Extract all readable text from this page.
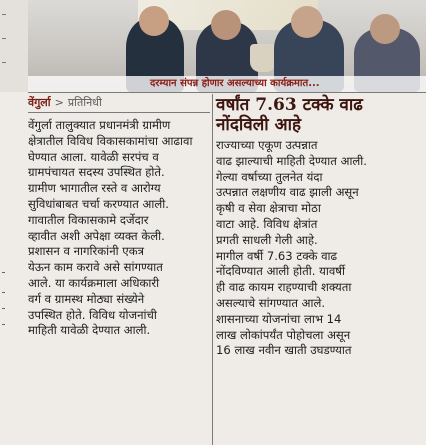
दरम्यान संपन्न होणार असल्याच्या कार्यक्रमात...
वेंगुर्ला > प्रतिनिधी	वर्षांत 7.63 टक्के वाढ नोंदविली आहे

वेंगुर्ला तालुक्यात प्रधानमंत्री ग्रामीण
क्षेत्रातील विविध विकासकामांचा आढावा
घेण्यात आला. यावेळी सरपंच व
ग्रामपंचायत सदस्य उपस्थित होते.
ग्रामीण भागातील रस्ते व आरोग्य
सुविधांबाबत चर्चा करण्यात आली.
गावातील विकासकामे दर्जेदार
व्हावीत अशी अपेक्षा व्यक्त केली.
प्रशासन व नागरिकांनी एकत्र
येऊन काम करावे असे सांगण्यात
आले. या कार्यक्रमाला अधिकारी
वर्ग व ग्रामस्थ मोठ्या संख्येने
उपस्थित होते. विविध योजनांची
माहिती यावेळी देण्यात आली.

राज्याच्या एकूण उत्पन्नात
वाढ झाल्याची माहिती देण्यात आली.
गेल्या वर्षाच्या तुलनेत यंदा
उत्पन्नात लक्षणीय वाढ झाली असून
कृषी व सेवा क्षेत्राचा मोठा
वाटा आहे. विविध क्षेत्रांत
प्रगती साधली गेली आहे.
मागील वर्षी 7.63 टक्के वाढ
नोंदविण्यात आली होती. यावर्षी
ही वाढ कायम राहण्याची शक्यता
असल्याचे सांगण्यात आले.
शासनाच्या योजनांचा लाभ 14
लाख लोकांपर्यंत पोहोचला असून
16 लाख नवीन खाती उघडण्यात
